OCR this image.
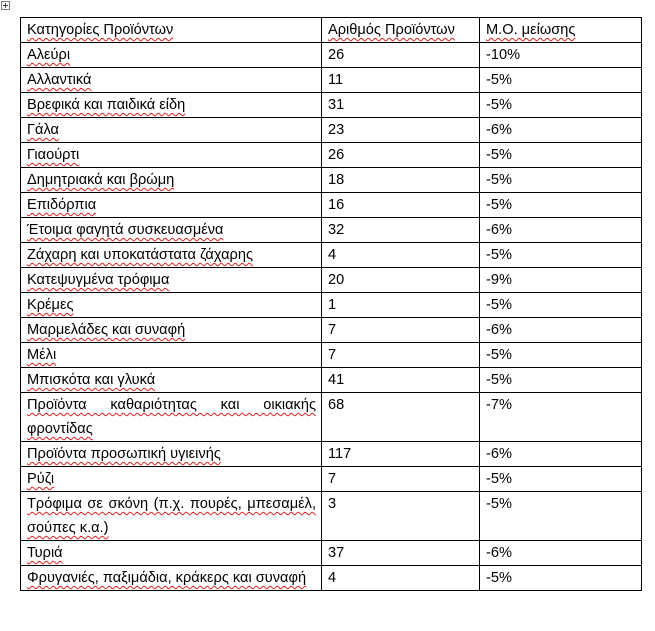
Κατηγορίες Προϊόντων	Αριθμός Προϊόντων	Μ.Ο. μείωσης
Αλεύρι	26	-10%
Αλλαντικά	11	-5%
Βρεφικά και παιδικά είδη	31	-5%
Γάλα	23	-6%
Γιαούρτι	26	-5%
Δημητριακά και βρώμη	18	-5%
Επιδόρπια	16	-5%
Έτοιμα φαγητά συσκευασμένα	32	-6%
Ζάχαρη και υποκατάστατα ζάχαρης	4	-5%
Κατεψυγμένα τρόφιμα	20	-9%
Κρέμες	1	-5%
Μαρμελάδες και συναφή	7	-6%
Μέλι	7	-5%
Μπισκότα και γλυκά	41	-5%
Προϊόντα καθαριότητας και οικιακής φροντίδας	68	-7%
Προϊόντα προσωπική υγιεινής	117	-6%
Ρύζι	7	-5%
Τρόφιμα σε σκόνη (π.χ. πουρές, μπεσαμέλ, σούπες κ.α.)	3	-5%
Τυριά	37	-6%
Φρυγανιές, παξιμάδια, κράκερς και συναφή	4	-5%
